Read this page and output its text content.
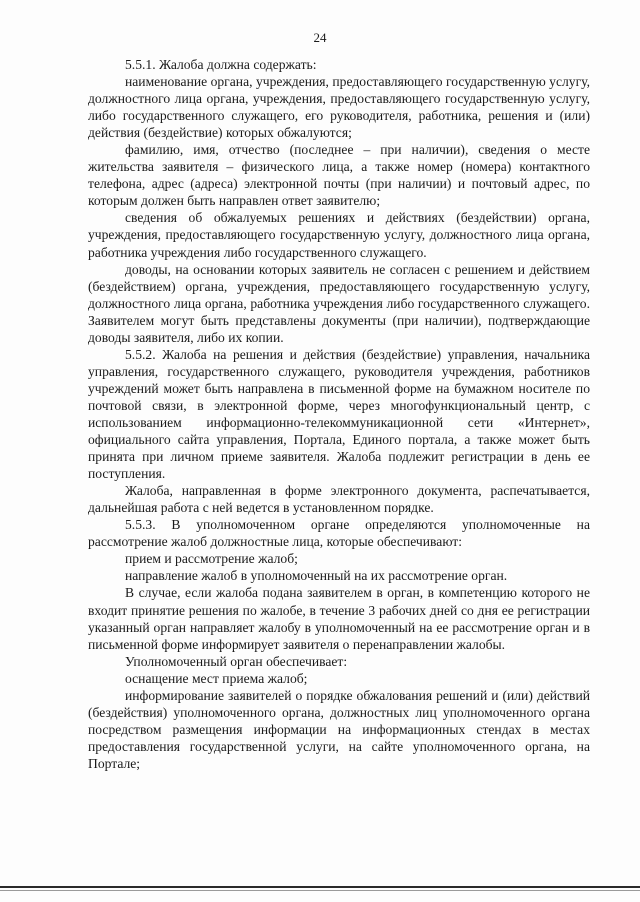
24

5.5.1. Жалоба должна содержать:

наименование органа, учреждения, предоставляющего государственную услугу, должностного лица органа, учреждения, предоставляющего государственную услугу, либо государственного служащего, его руководителя, работника, решения и (или) действия (бездействие) которых обжалуются;

фамилию, имя, отчество (последнее – при наличии), сведения о месте жительства заявителя – физического лица, а также номер (номера) контактного телефона, адрес (адреса) электронной почты (при наличии) и почтовый адрес, по которым должен быть направлен ответ заявителю;

сведения об обжалуемых решениях и действиях (бездействии) органа, учреждения, предоставляющего государственную услугу, должностного лица органа, работника учреждения либо государственного служащего.

доводы, на основании которых заявитель не согласен с решением и действием (бездействием) органа, учреждения, предоставляющего государственную услугу, должностного лица органа, работника учреждения либо государственного служащего. Заявителем могут быть представлены документы (при наличии), подтверждающие доводы заявителя, либо их копии.

5.5.2. Жалоба на решения и действия (бездействие) управления, начальника управления, государственного служащего, руководителя учреждения, работников учреждений может быть направлена в письменной форме на бумажном носителе по почтовой связи, в электронной форме, через многофункциональный центр, с использованием информационно-телекоммуникационной сети «Интернет», официального сайта управления, Портала, Единого портала, а также может быть принята при личном приеме заявителя. Жалоба подлежит регистрации в день ее поступления.

Жалоба, направленная в форме электронного документа, распечатывается, дальнейшая работа с ней ведется в установленном порядке.

5.5.3. В уполномоченном органе определяются уполномоченные на рассмотрение жалоб должностные лица, которые обеспечивают:

прием и рассмотрение жалоб;

направление жалоб в уполномоченный на их рассмотрение орган.

В случае, если жалоба подана заявителем в орган, в компетенцию которого не входит принятие решения по жалобе, в течение 3 рабочих дней со дня ее регистрации указанный орган направляет жалобу в уполномоченный на ее рассмотрение орган и в письменной форме информирует заявителя о перенаправлении жалобы.

Уполномоченный орган обеспечивает:

оснащение мест приема жалоб;

информирование заявителей о порядке обжалования решений и (или) действий (бездействия) уполномоченного органа, должностных лиц уполномоченного органа посредством размещения информации на информационных стендах в местах предоставления государственной услуги, на сайте уполномоченного органа, на Портале;
